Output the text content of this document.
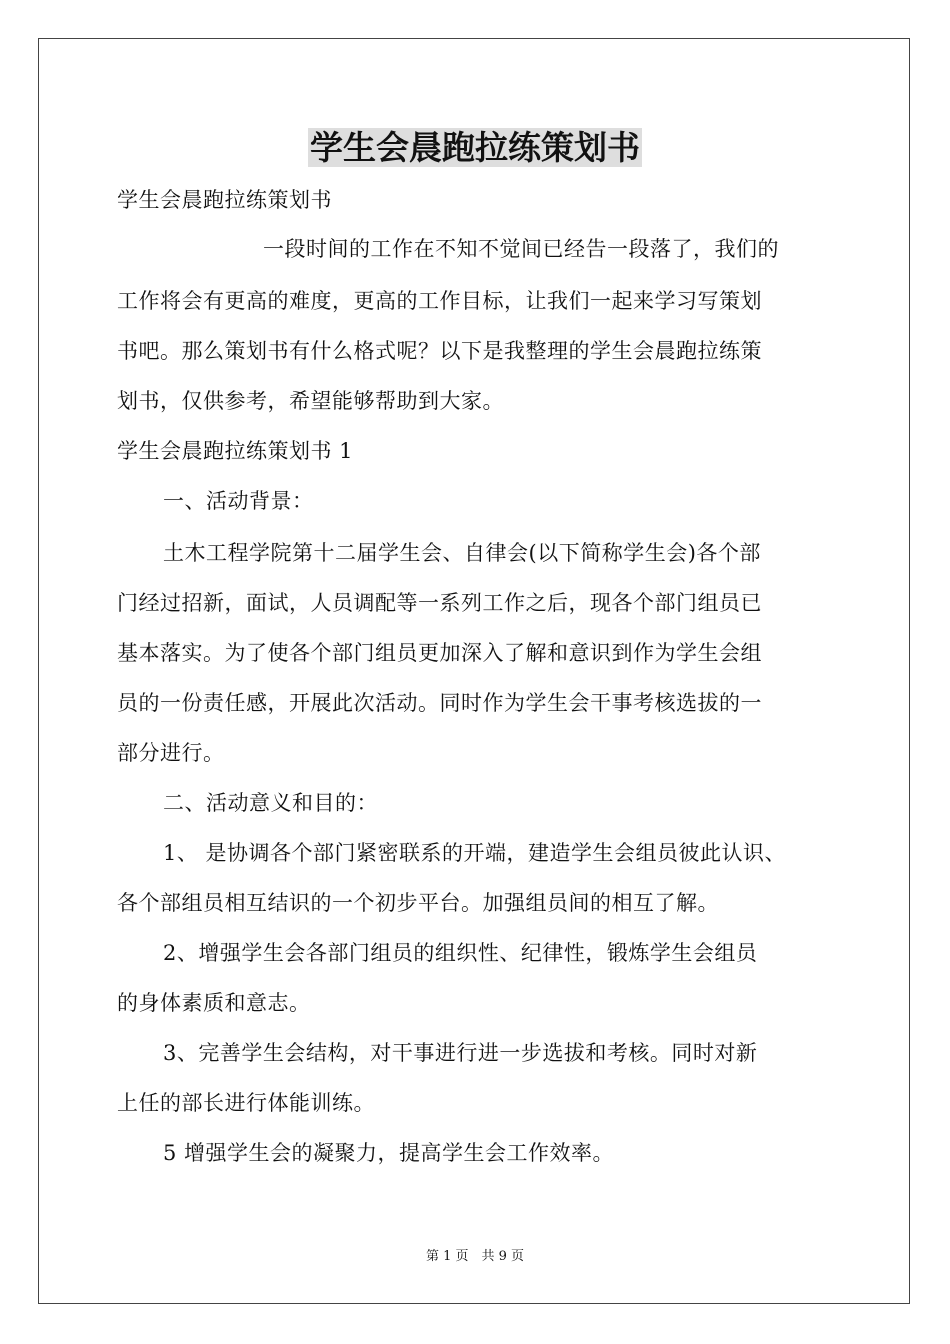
学生会晨跑拉练策划书
学生会晨跑拉练策划书
一段时间的工作在不知不觉间已经告一段落了，我们的
工作将会有更高的难度，更高的工作目标，让我们一起来学习写策划
书吧。那么策划书有什么格式呢？以下是我整理的学生会晨跑拉练策
划书，仅供参考，希望能够帮助到大家。
学生会晨跑拉练策划书 1
一、活动背景：
土木工程学院第十二届学生会、自律会(以下简称学生会)各个部
门经过招新，面试，人员调配等一系列工作之后，现各个部门组员已
基本落实。为了使各个部门组员更加深入了解和意识到作为学生会组
员的一份责任感，开展此次活动。同时作为学生会干事考核选拔的一
部分进行。
二、活动意义和目的：
1、 是协调各个部门紧密联系的开端，建造学生会组员彼此认识、
各个部组员相互结识的一个初步平台。加强组员间的相互了解。
2、增强学生会各部门组员的组织性、纪律性，锻炼学生会组员
的身体素质和意志。
3、完善学生会结构，对干事进行进一步选拔和考核。同时对新
上任的部长进行体能训练。
5 增强学生会的凝聚力，提高学生会工作效率。
第 1 页　共 9 页
